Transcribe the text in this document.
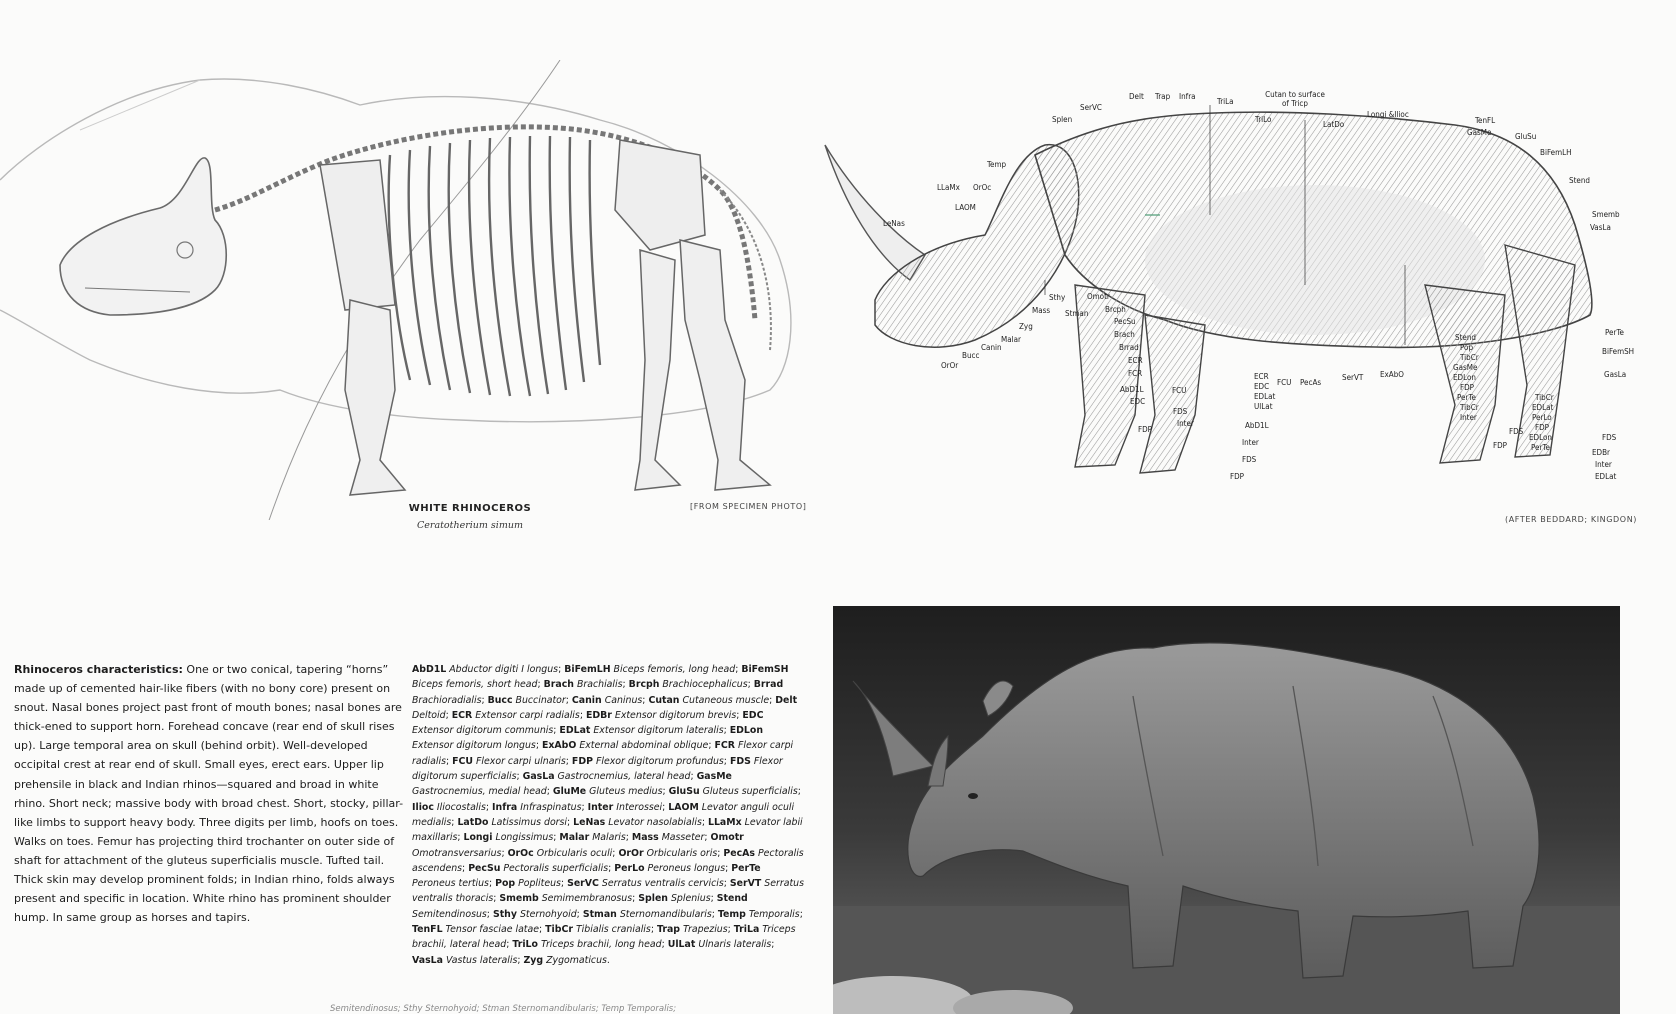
WHITE RHINOCEROS
Ceratotherium simum
[FROM SPECIMEN PHOTO]
LLaMx OrOc
LAOM
LeNas
Temp
Splen
SerVC
Delt Trap Infra
TriLa
Cutan to surface
of Tricp
TriLo
LatDo
Longi &Ilioc
TenFL
GasMe	GluSu
BiFemLH
Stend
Smemb
VasLa
Sthy
Mass Stman
Omotr
Brcph
Zyg
Malar
Canin
Bucc
OrOr
PecSu
Brach
Brrad
ECR
FCR
AbD1L
EDC
FCU
FDS
FDP
Inter
ECR
EDC
EDLat
UlLat
FCU PecAs
SerVT ExAbO
AbD1L
Inter
FDS
FDP
Stend
Pop
TibCr
GasMe
EDLon
FDP
PerTe
TibCr
Inter
TibCr
EDLat
PerLo
FDP
EDLon
PerTe
FDS
FDP
PerTe
BiFemSH
GasLa
FDS
EDBr
Inter
EDLat
(AFTER BEDDARD; KINGDON)
Rhinoceros characteristics: One or two conical, tapering “horns” made up of cemented hair-like fibers (with no bony core) present on snout. Nasal bones project past front of mouth bones; nasal bones are thick-ened to support horn. Forehead concave (rear end of skull rises up). Large temporal area on skull (behind orbit). Well-developed occipital crest at rear end of skull. Small eyes, erect ears. Upper lip prehensile in black and Indian rhinos—squared and broad in white rhino. Short neck; massive body with broad chest. Short, stocky, pillar-like limbs to support heavy body. Three digits per limb, hoofs on toes. Walks on toes. Femur has projecting third trochanter on outer side of shaft for attachment of the gluteus superficialis muscle. Tufted tail. Thick skin may develop prominent folds; in Indian rhino, folds always present and specific in location. White rhino has prominent shoulder hump. In same group as horses and tapirs.
AbD1L Abductor digiti I longus; BiFemLH Biceps femoris, long head; BiFemSH Biceps femoris, short head; Brach Brachialis; Brcph Brachiocephalicus; Brrad Brachioradialis; Bucc Buccinator; Canin Caninus; Cutan Cutaneous muscle; Delt Deltoid; ECR Extensor carpi radialis; EDBr Extensor digitorum brevis; EDC Extensor digitorum communis; EDLat Extensor digitorum lateralis; EDLon Extensor digitorum longus; ExAbO External abdominal oblique; FCR Flexor carpi radialis; FCU Flexor carpi ulnaris; FDP Flexor digitorum profundus; FDS Flexor digitorum superficialis; GasLa Gastrocnemius, lateral head; GasMe Gastrocnemius, medial head; GluMe Gluteus medius; GluSu Gluteus superficialis; Ilioc Iliocostalis; Infra Infraspinatus; Inter Interossei; LAOM Levator anguli oculi medialis; LatDo Latissimus dorsi; LeNas Levator nasolabialis; LLaMx Levator labii maxillaris; Longi Longissimus; Malar Malaris; Mass Masseter; Omotr Omotransversarius; OrOc Orbicularis oculi; OrOr Orbicularis oris; PecAs Pectoralis ascendens; PecSu Pectoralis superficialis; PerLo Peroneus longus; PerTe Peroneus tertius; Pop Popliteus; SerVC Serratus ventralis cervicis; SerVT Serratus ventralis thoracis; Smemb Semimembranosus; Splen Splenius; Stend Semitendinosus; Sthy Sternohyoid; Stman Sternomandibularis; Temp Temporalis; TenFL Tensor fasciae latae; TibCr Tibialis cranialis; Trap Trapezius; TriLa Triceps brachii, lateral head; TriLo Triceps brachii, long head; UlLat Ulnaris lateralis; VasLa Vastus lateralis; Zyg Zygomaticus.
Semitendinosus; Sthy Sternohyoid; Stman Sternomandibularis; Temp Temporalis;
